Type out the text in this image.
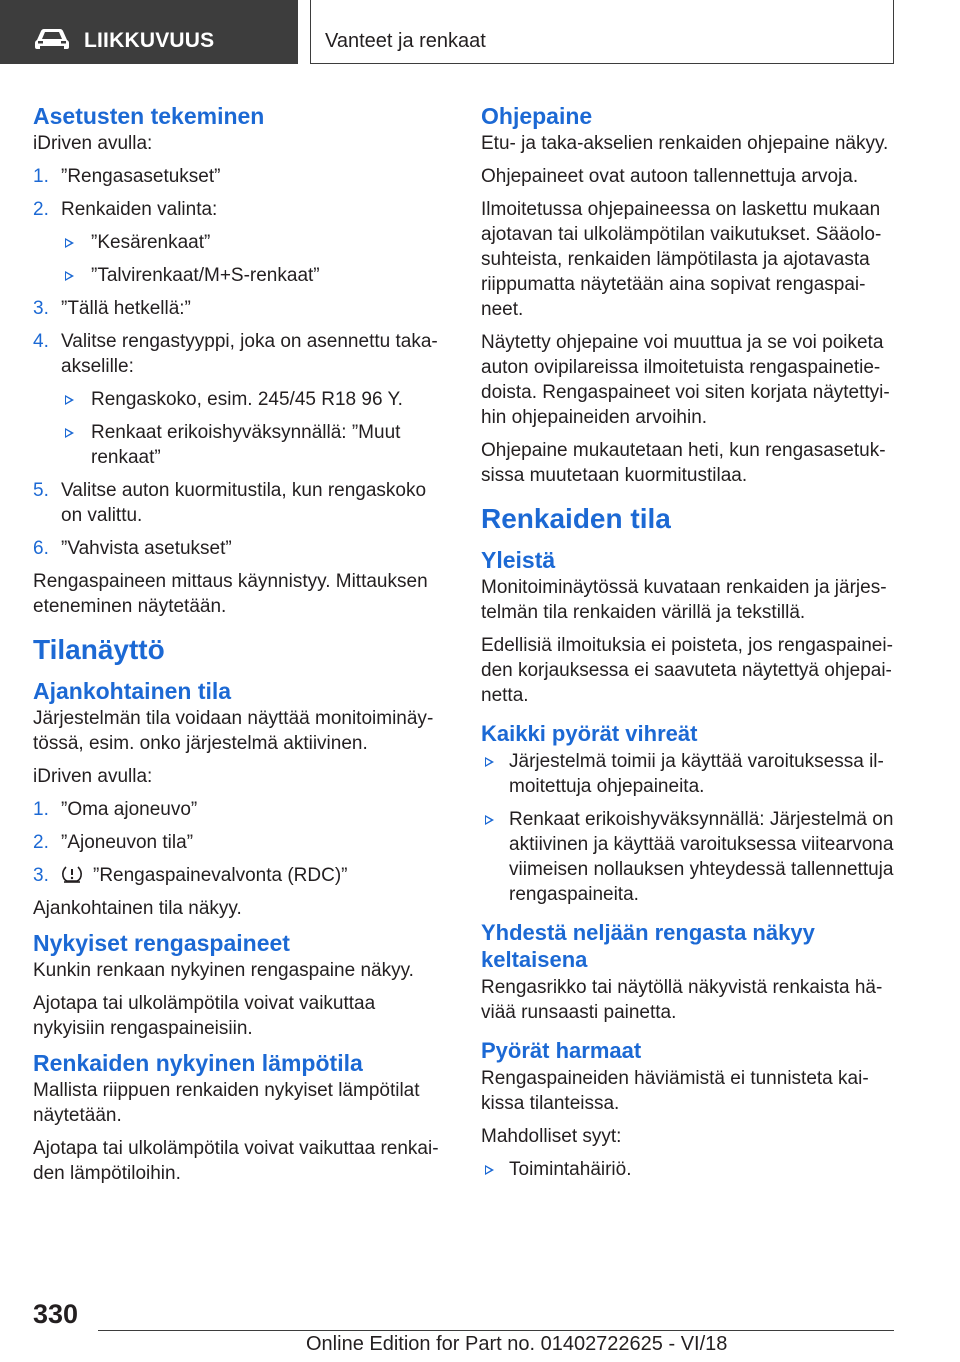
LIIKKUVUUS	Vanteet ja renkaat
Asetusten tekeminen

iDriven avulla:

1. ”Rengasasetukset”
2. Renkaiden valinta:
”Kesärenkaat”
”Talvirenkaat/M+S-renkaat”
3. ”Tällä hetkellä:”
4. Valitse rengastyyppi, joka on asennettu taka-akselille:
Rengaskoko, esim. 245/45 R18 96 Y.
Renkaat erikoishyväksynnällä: ”Muut renkaat”
5. Valitse auton kuormitustila, kun rengaskoko on valittu.
6. ”Vahvista asetukset”

Rengaspaineen mittaus käynnistyy. Mittauksen eteneminen näytetään.

Tilanäyttö
Ajankohtainen tila

Järjestelmän tila voidaan näyttää monitoiminäytössä, esim. onko järjestelmä aktiivinen.

iDriven avulla:

1. ”Oma ajoneuvo”
2. ”Ajoneuvon tila”
3. ”Rengaspainevalvonta (RDC)”

Ajankohtainen tila näkyy.

Nykyiset rengaspaineet

Kunkin renkaan nykyinen rengaspaine näkyy.

Ajotapa tai ulkolämpötila voivat vaikuttaa nykyisiin rengaspaineisiin.

Renkaiden nykyinen lämpötila

Mallista riippuen renkaiden nykyiset lämpötilat näytetään.

Ajotapa tai ulkolämpötila voivat vaikuttaa renkaiden lämpötiloihin.

Ohjepaine

Etu- ja taka-akselien renkaiden ohjepaine näkyy.

Ohjepaineet ovat autoon tallennettuja arvoja.

Ilmoitetussa ohjepaineessa on laskettu mukaan ajotavan tai ulkolämpötilan vaikutukset. Sääolosuhteista, renkaiden lämpötilasta ja ajotavasta riippumatta näytetään aina sopivat rengaspaineet.

Näytetty ohjepaine voi muuttua ja se voi poiketa auton ovipilareissa ilmoitetuista rengaspainetiedoista. Rengaspaineet voi siten korjata näytettyihin ohjepaineiden arvoihin.

Ohjepaine mukautetaan heti, kun rengasasetuksissa muutetaan kuormitustilaa.

Renkaiden tila
Yleistä

Monitoiminäytössä kuvataan renkaiden ja järjestelmän tila renkaiden värillä ja tekstillä.

Edellisiä ilmoituksia ei poisteta, jos rengaspaineiden korjauksessa ei saavuteta näytettyä ohjepainetta.

Kaikki pyörät vihreät
Järjestelmä toimii ja käyttää varoituksessa ilmoitettuja ohjepaineita.
Renkaat erikoishyväksynnällä: Järjestelmä on aktiivinen ja käyttää varoituksessa viitearvona viimeisen nollauksen yhteydessä tallennettuja rengaspaineita.
Yhdestä neljään rengasta näkyy keltaisena

Rengasrikko tai näytöllä näkyvistä renkaista häviää runsaasti painetta.

Pyörät harmaat

Rengaspaineiden häviämistä ei tunnisteta kaikissa tilanteissa.

Mahdolliset syyt:

Toimintahäiriö.
330
Online Edition for Part no. 01402722625 - VI/18
